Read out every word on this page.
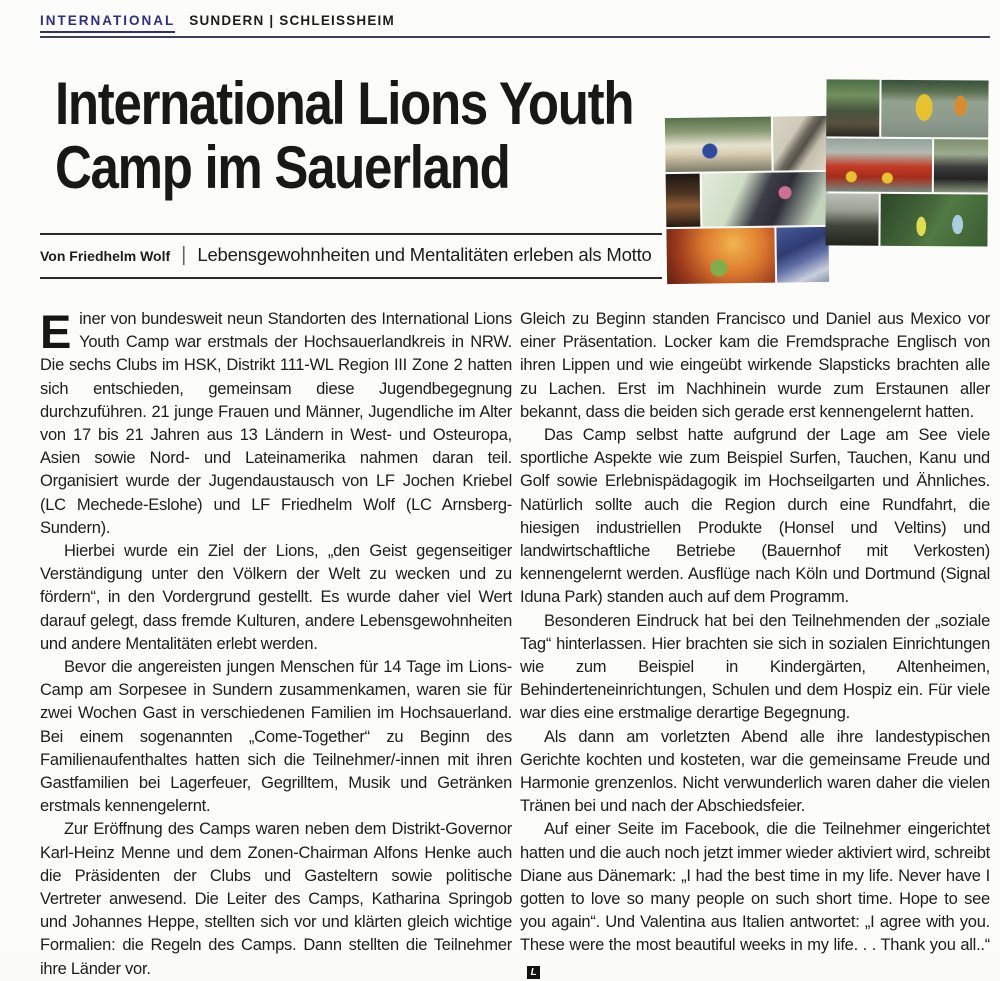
INTERNATIONAL SUNDERN | SCHLEISSHEIM
International Lions Youth
Camp im Sauerland
Von Friedhelm Wolf | Lebensgewohnheiten und Mentalitäten erleben als Motto

Einer von bundesweit neun Standorten des International Lions Youth Camp war erstmals der Hochsauerlandkreis in NRW. Die sechs Clubs im HSK, Distrikt 111-WL Region III Zone 2 hatten sich entschieden, gemeinsam diese Jugendbegegnung durchzuführen. 21 junge Frauen und Männer, Jugendliche im Alter von 17 bis 21 Jahren aus 13 Ländern in West- und Osteuropa, Asien sowie Nord- und Lateinamerika nahmen daran teil. Organisiert wurde der Jugendaustausch von LF Jochen Kriebel (LC Mechede-Eslohe) und LF Friedhelm Wolf (LC Arnsberg-Sundern).

Hierbei wurde ein Ziel der Lions, „den Geist gegenseitiger Verständigung unter den Völkern der Welt zu wecken und zu fördern“, in den Vordergrund gestellt. Es wurde daher viel Wert darauf gelegt, dass fremde Kulturen, andere Lebensgewohnheiten und andere Mentalitäten erlebt werden.

Bevor die angereisten jungen Menschen für 14 Tage im Lions-Camp am Sorpesee in Sundern zusammenkamen, waren sie für zwei Wochen Gast in verschiedenen Familien im Hochsauerland. Bei einem sogenannten „Come-Together“ zu Beginn des Familienaufenthaltes hatten sich die Teilnehmer/-innen mit ihren Gastfamilien bei Lagerfeuer, Gegrilltem, Musik und Getränken erstmals kennengelernt.

Zur Eröffnung des Camps waren neben dem Distrikt-Governor Karl-Heinz Menne und dem Zonen-Chairman Alfons Henke auch die Präsidenten der Clubs und Gasteltern sowie politische Vertreter anwesend. Die Leiter des Camps, Katharina Springob und Johannes Heppe, stellten sich vor und klärten gleich wichtige Formalien: die Regeln des Camps. Dann stellten die Teilnehmer ihre Länder vor.

Gleich zu Beginn standen Francisco und Daniel aus Mexico vor einer Präsentation. Locker kam die Fremdsprache Englisch von ihren Lippen und wie eingeübt wirkende Slapsticks brachten alle zu Lachen. Erst im Nachhinein wurde zum Erstaunen aller bekannt, dass die beiden sich gerade erst kennengelernt hatten.

Das Camp selbst hatte aufgrund der Lage am See viele sportliche Aspekte wie zum Beispiel Surfen, Tauchen, Kanu und Golf sowie Erlebnispädagogik im Hochseilgarten und Ähnliches. Natürlich sollte auch die Region durch eine Rundfahrt, die hiesigen industriellen Produkte (Honsel und Veltins) und landwirtschaftliche Betriebe (Bauernhof mit Verkosten) kennengelernt werden. Ausflüge nach Köln und Dortmund (Signal Iduna Park) standen auch auf dem Programm.

Besonderen Eindruck hat bei den Teilnehmenden der „soziale Tag“ hinterlassen. Hier brachten sie sich in sozialen Einrichtungen wie zum Beispiel in Kindergärten, Altenheimen, Behinderteneinrichtungen, Schulen und dem Hospiz ein. Für viele war dies eine erstmalige derartige Begegnung.

Als dann am vorletzten Abend alle ihre landestypischen Gerichte kochten und kosteten, war die gemeinsame Freude und Harmonie grenzenlos. Nicht verwunderlich waren daher die vielen Tränen bei und nach der Abschiedsfeier.

Auf einer Seite im Facebook, die die Teilnehmer eingerichtet hatten und die auch noch jetzt immer wieder aktiviert wird, schreibt Diane aus Dänemark: „I had the best time in my life. Never have I gotten to love so many people on such short time. Hope to see you again“. Und Valentina aus Italien antwortet: „I agree with you. These were the most beautiful weeks in my life. . . Thank you all..“L
